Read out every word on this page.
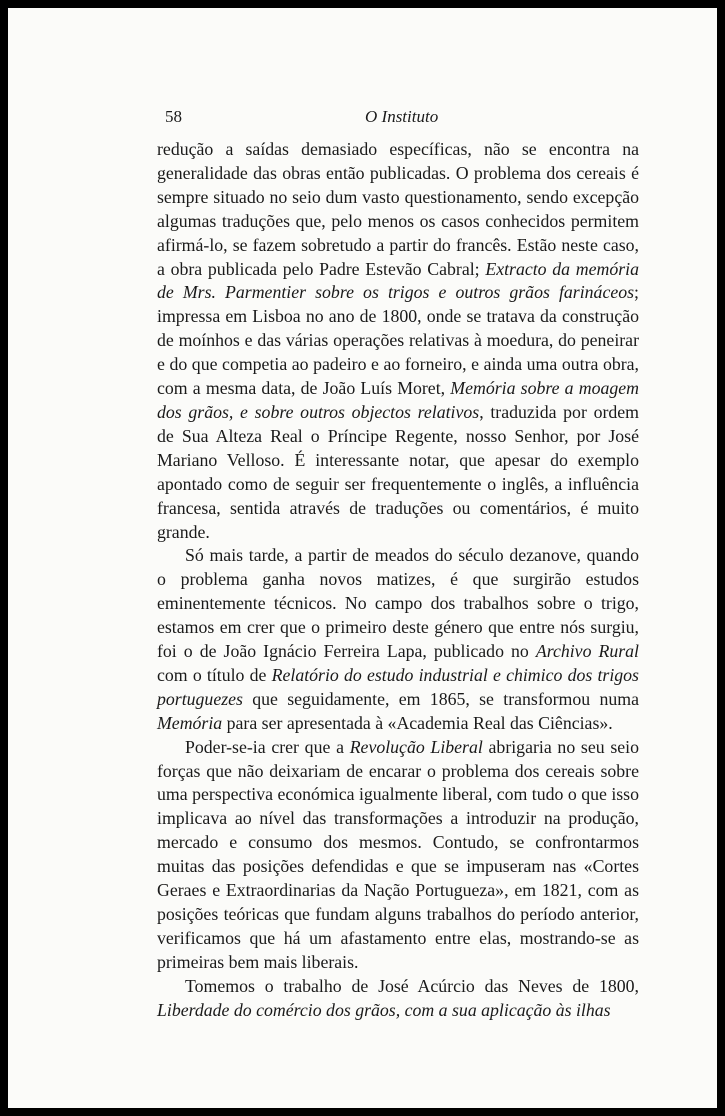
58	O Instituto

redução a saídas demasiado específicas, não se encontra na generalidade das obras então publicadas. O problema dos cereais é sempre situado no seio dum vasto questionamento, sendo excepção algumas traduções que, pelo menos os casos conhecidos permitem afirmá-lo, se fazem sobretudo a partir do francês. Estão neste caso, a obra publicada pelo Padre Estevão Cabral; Extracto da memória de Mrs. Parmentier sobre os trigos e outros grãos farináceos; impressa em Lisboa no ano de 1800, onde se tratava da construção de moínhos e das várias operações relativas à moedura, do peneirar e do que competia ao padeiro e ao forneiro, e ainda uma outra obra, com a mesma data, de João Luís Moret, Memória sobre a moagem dos grãos, e sobre outros objectos relativos, traduzida por ordem de Sua Alteza Real o Príncipe Regente, nosso Senhor, por José Mariano Velloso. É interessante notar, que apesar do exemplo apontado como de seguir ser frequentemente o inglês, a influência francesa, sentida através de traduções ou comentários, é muito grande.

Só mais tarde, a partir de meados do século dezanove, quando o problema ganha novos matizes, é que surgirão estudos eminentemente técnicos. No campo dos trabalhos sobre o trigo, estamos em crer que o primeiro deste género que entre nós surgiu, foi o de João Ignácio Ferreira Lapa, publicado no Archivo Rural com o título de Relatório do estudo industrial e chimico dos trigos portuguezes que seguidamente, em 1865, se transformou numa Memória para ser apresentada à «Academia Real das Ciências».

Poder-se-ia crer que a Revolução Liberal abrigaria no seu seio forças que não deixariam de encarar o problema dos cereais sobre uma perspectiva económica igualmente liberal, com tudo o que isso implicava ao nível das transformações a introduzir na produção, mercado e consumo dos mesmos. Contudo, se confrontarmos muitas das posições defendidas e que se impuseram nas «Cortes Geraes e Extraordinarias da Nação Portugueza», em 1821, com as posições teóricas que fundam alguns trabalhos do período anterior, verificamos que há um afastamento entre elas, mostrando-se as primeiras bem mais liberais.

Tomemos o trabalho de José Acúrcio das Neves de 1800, Liberdade do comércio dos grãos, com a sua aplicação às ilhas
